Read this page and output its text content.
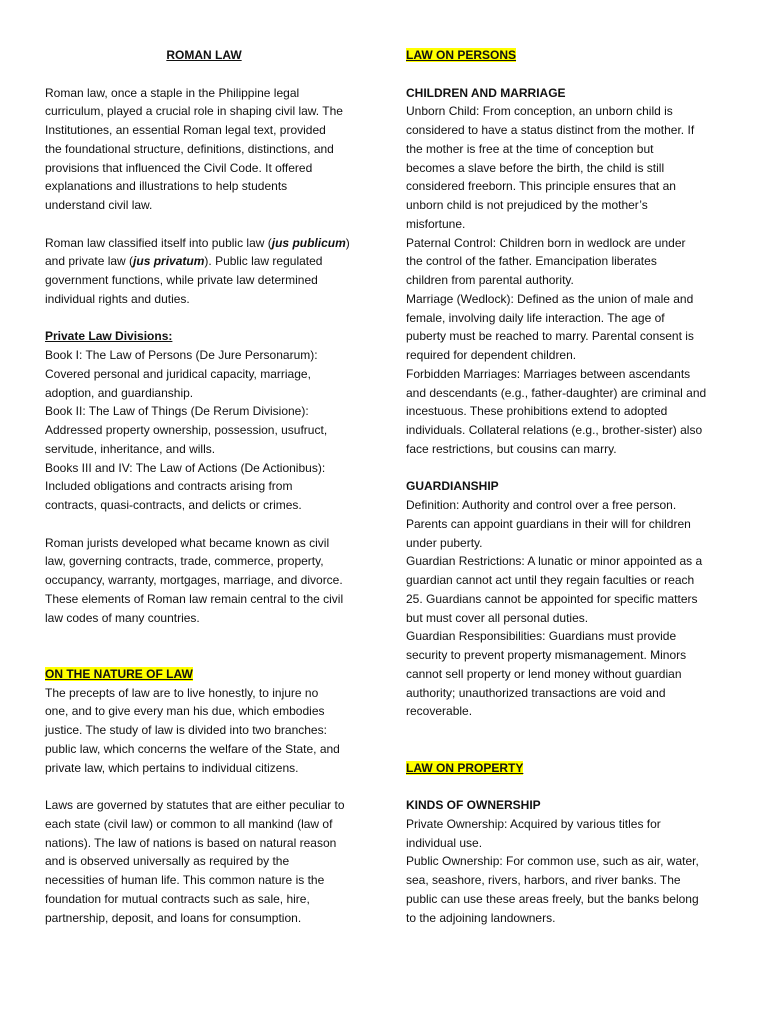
ROMAN LAW
Roman law, once a staple in the Philippine legal
curriculum, played a crucial role in shaping civil law. The
Institutiones, an essential Roman legal text, provided
the foundational structure, definitions, distinctions, and
provisions that influenced the Civil Code. It offered
explanations and illustrations to help students
understand civil law.
Roman law classified itself into public law (jus publicum)
and private law (jus privatum). Public law regulated
government functions, while private law determined
individual rights and duties.
Private Law Divisions:
Book I: The Law of Persons (De Jure Personarum):
Covered personal and juridical capacity, marriage,
adoption, and guardianship.
Book II: The Law of Things (De Rerum Divisione):
Addressed property ownership, possession, usufruct,
servitude, inheritance, and wills.
Books III and IV: The Law of Actions (De Actionibus):
Included obligations and contracts arising from
contracts, quasi-contracts, and delicts or crimes.
Roman jurists developed what became known as civil
law, governing contracts, trade, commerce, property,
occupancy, warranty, mortgages, marriage, and divorce.
These elements of Roman law remain central to the civil
law codes of many countries.
ON THE NATURE OF LAW
The precepts of law are to live honestly, to injure no
one, and to give every man his due, which embodies
justice. The study of law is divided into two branches:
public law, which concerns the welfare of the State, and
private law, which pertains to individual citizens.
Laws are governed by statutes that are either peculiar to
each state (civil law) or common to all mankind (law of
nations). The law of nations is based on natural reason
and is observed universally as required by the
necessities of human life. This common nature is the
foundation for mutual contracts such as sale, hire,
partnership, deposit, and loans for consumption.
LAW ON PERSONS
CHILDREN AND MARRIAGE
Unborn Child: From conception, an unborn child is
considered to have a status distinct from the mother. If
the mother is free at the time of conception but
becomes a slave before the birth, the child is still
considered freeborn. This principle ensures that an
unborn child is not prejudiced by the mother’s
misfortune.
Paternal Control: Children born in wedlock are under
the control of the father. Emancipation liberates
children from parental authority.
Marriage (Wedlock): Defined as the union of male and
female, involving daily life interaction. The age of
puberty must be reached to marry. Parental consent is
required for dependent children.
Forbidden Marriages: Marriages between ascendants
and descendants (e.g., father-daughter) are criminal and
incestuous. These prohibitions extend to adopted
individuals. Collateral relations (e.g., brother-sister) also
face restrictions, but cousins can marry.
GUARDIANSHIP
Definition: Authority and control over a free person.
Parents can appoint guardians in their will for children
under puberty.
Guardian Restrictions: A lunatic or minor appointed as a
guardian cannot act until they regain faculties or reach
25. Guardians cannot be appointed for specific matters
but must cover all personal duties.
Guardian Responsibilities: Guardians must provide
security to prevent property mismanagement. Minors
cannot sell property or lend money without guardian
authority; unauthorized transactions are void and
recoverable.
LAW ON PROPERTY
KINDS OF OWNERSHIP
Private Ownership: Acquired by various titles for
individual use.
Public Ownership: For common use, such as air, water,
sea, seashore, rivers, harbors, and river banks. The
public can use these areas freely, but the banks belong
to the adjoining landowners.
